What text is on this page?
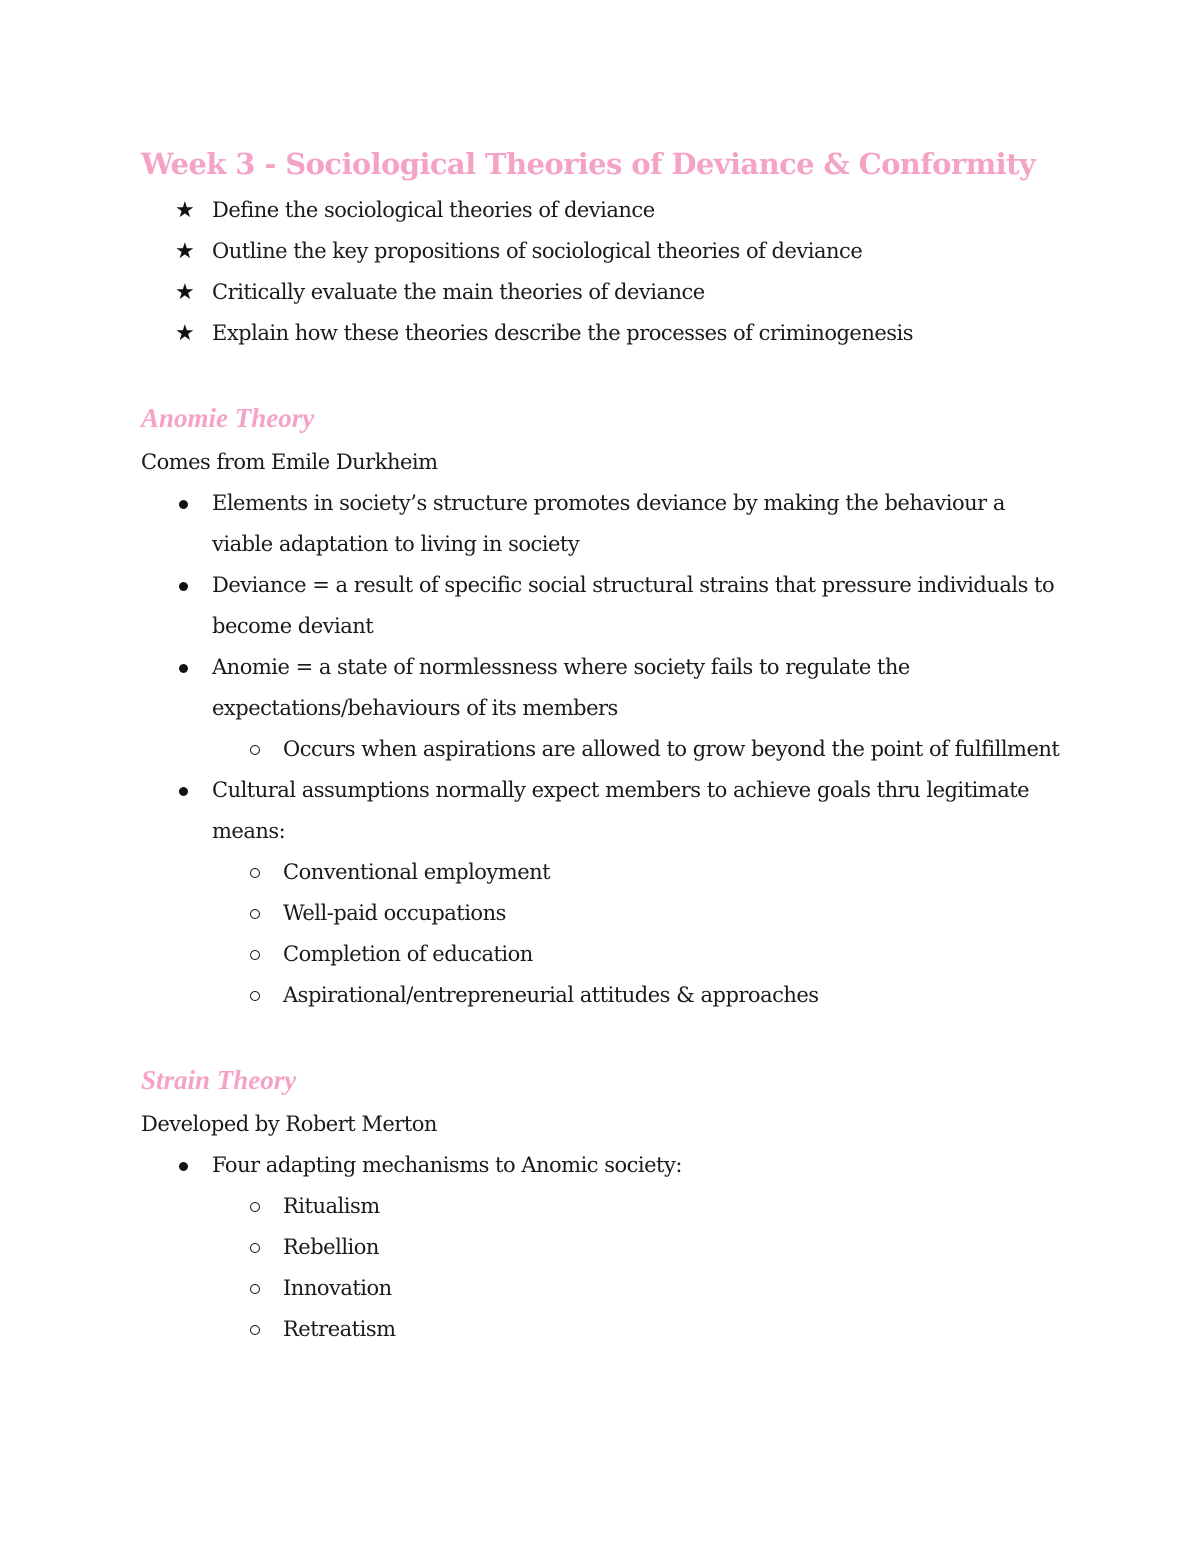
Week 3 - Sociological Theories of Deviance & Conformity
★ Define the sociological theories of deviance
★ Outline the key propositions of sociological theories of deviance
★ Critically evaluate the main theories of deviance
★ Explain how these theories describe the processes of criminogenesis
Anomie Theory

Comes from Emile Durkheim

Elements in society’s structure promotes deviance by making the behaviour a viable adaptation to living in society
Deviance = a result of specific social structural strains that pressure individuals to become deviant
Anomie = a state of normlessness where society fails to regulate the expectations/behaviours of its members
Occurs when aspirations are allowed to grow beyond the point of fulfillment
Cultural assumptions normally expect members to achieve goals thru legitimate means:
Conventional employment
Well-paid occupations
Completion of education
Aspirational/entrepreneurial attitudes & approaches
Strain Theory

Developed by Robert Merton

Four adapting mechanisms to Anomic society:
Ritualism
Rebellion
Innovation
Retreatism
